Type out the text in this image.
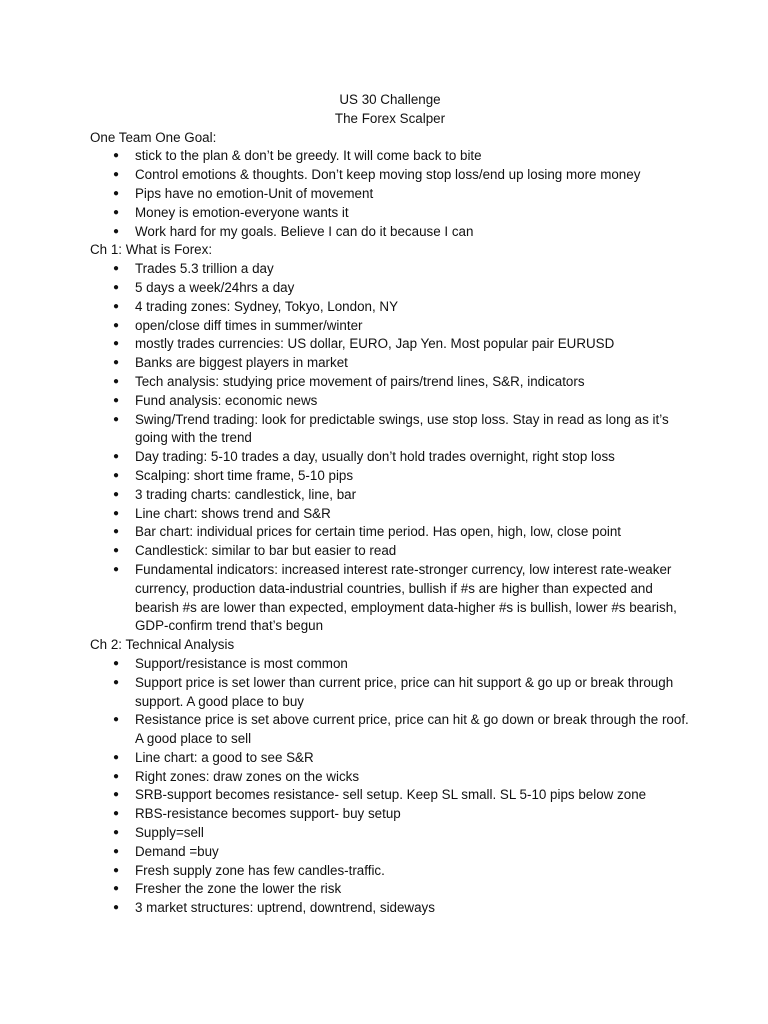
US 30 Challenge
The Forex Scalper
One Team One Goal:
● stick to the plan & don’t be greedy. It will come back to bite
● Control emotions & thoughts. Don’t keep moving stop loss/end up losing more money
● Pips have no emotion-Unit of movement
● Money is emotion-everyone wants it
● Work hard for my goals. Believe I can do it because I can
Ch 1: What is Forex:
● Trades 5.3 trillion a day
● 5 days a week/24hrs a day
● 4 trading zones: Sydney, Tokyo, London, NY
● open/close diff times in summer/winter
● mostly trades currencies: US dollar, EURO, Jap Yen. Most popular pair EURUSD
● Banks are biggest players in market
● Tech analysis: studying price movement of pairs/trend lines, S&R, indicators
● Fund analysis: economic news
● Swing/Trend trading: look for predictable swings, use stop loss. Stay in read as long as it’s going with the trend
● Day trading: 5-10 trades a day, usually don’t hold trades overnight, right stop loss
● Scalping: short time frame, 5-10 pips
● 3 trading charts: candlestick, line, bar
● Line chart: shows trend and S&R
● Bar chart: individual prices for certain time period. Has open, high, low, close point
● Candlestick: similar to bar but easier to read
● Fundamental indicators: increased interest rate-stronger currency, low interest rate-weaker currency, production data-industrial countries, bullish if #s are higher than expected and bearish #s are lower than expected, employment data-higher #s is bullish, lower #s bearish, GDP-confirm trend that’s begun
Ch 2: Technical Analysis
● Support/resistance is most common
● Support price is set lower than current price, price can hit support & go up or break through support. A good place to buy
● Resistance price is set above current price, price can hit & go down or break through the roof. A good place to sell
● Line chart: a good to see S&R
● Right zones: draw zones on the wicks
● SRB-support becomes resistance- sell setup. Keep SL small. SL 5-10 pips below zone
● RBS-resistance becomes support- buy setup
● Supply=sell
● Demand =buy
● Fresh supply zone has few candles-traffic.
● Fresher the zone the lower the risk
● 3 market structures: uptrend, downtrend, sideways
